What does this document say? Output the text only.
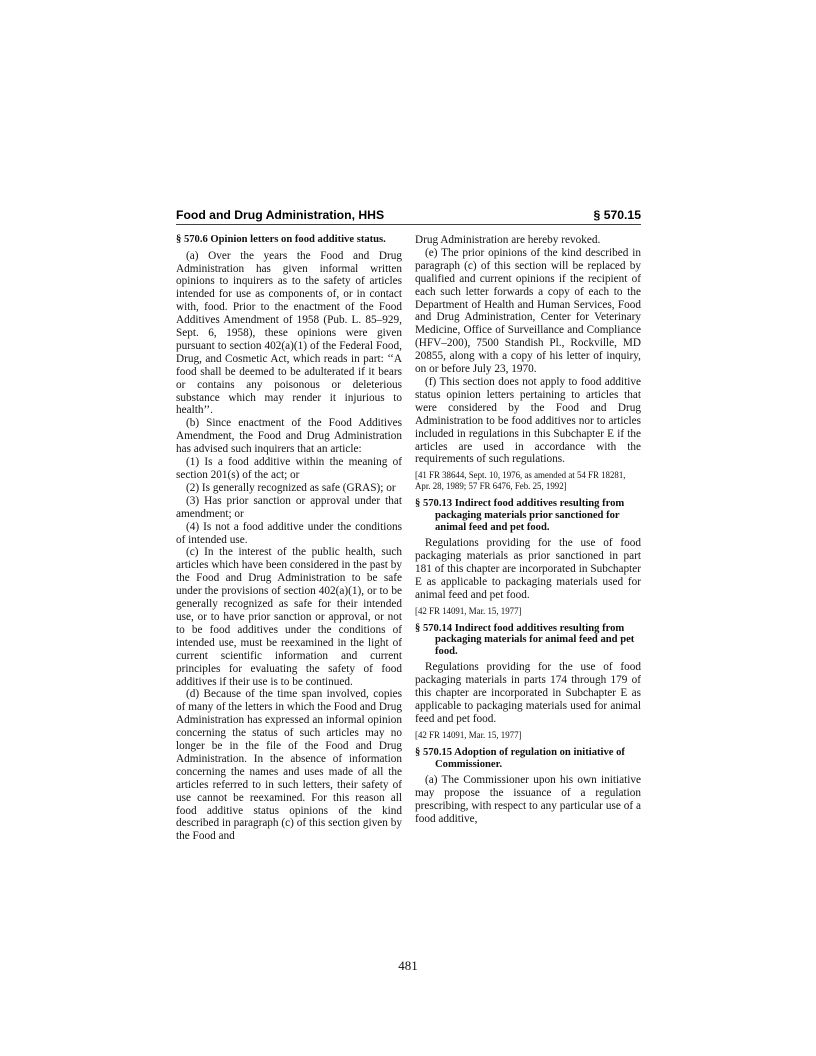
Food and Drug Administration, HHS	§ 570.15
§ 570.6 Opinion letters on food additive status.

(a) Over the years the Food and Drug Administration has given informal written opinions to inquirers as to the safety of articles intended for use as components of, or in contact with, food. Prior to the enactment of the Food Additives Amendment of 1958 (Pub. L. 85–929, Sept. 6, 1958), these opinions were given pursuant to section 402(a)(1) of the Federal Food, Drug, and Cosmetic Act, which reads in part: ‘‘A food shall be deemed to be adulterated if it bears or contains any poisonous or deleterious substance which may render it injurious to health’’.

(b) Since enactment of the Food Additives Amendment, the Food and Drug Administration has advised such inquirers that an article:

(1) Is a food additive within the meaning of section 201(s) of the act; or

(2) Is generally recognized as safe (GRAS); or

(3) Has prior sanction or approval under that amendment; or

(4) Is not a food additive under the conditions of intended use.

(c) In the interest of the public health, such articles which have been considered in the past by the Food and Drug Administration to be safe under the provisions of section 402(a)(1), or to be generally recognized as safe for their intended use, or to have prior sanction or approval, or not to be food additives under the conditions of intended use, must be reexamined in the light of current scientific information and current principles for evaluating the safety of food additives if their use is to be continued.

(d) Because of the time span involved, copies of many of the letters in which the Food and Drug Administration has expressed an informal opinion concerning the status of such articles may no longer be in the file of the Food and Drug Administration. In the absence of information concerning the names and uses made of all the articles referred to in such letters, their safety of use cannot be reexamined. For this reason all food additive status opinions of the kind described in paragraph (c) of this section given by the Food and

Drug Administration are hereby revoked.

(e) The prior opinions of the kind described in paragraph (c) of this section will be replaced by qualified and current opinions if the recipient of each such letter forwards a copy of each to the Department of Health and Human Services, Food and Drug Administration, Center for Veterinary Medicine, Office of Surveillance and Compliance (HFV–200), 7500 Standish Pl., Rockville, MD 20855, along with a copy of his letter of inquiry, on or before July 23, 1970.

(f) This section does not apply to food additive status opinion letters pertaining to articles that were considered by the Food and Drug Administration to be food additives nor to articles included in regulations in this Subchapter E if the articles are used in accordance with the requirements of such regulations.

[41 FR 38644, Sept. 10, 1976, as amended at 54 FR 18281, Apr. 28, 1989; 57 FR 6476, Feb. 25, 1992]
§ 570.13 Indirect food additives resulting from packaging materials prior sanctioned for animal feed and pet food.

Regulations providing for the use of food packaging materials as prior sanctioned in part 181 of this chapter are incorporated in Subchapter E as applicable to packaging materials used for animal feed and pet food.

[42 FR 14091, Mar. 15, 1977]
§ 570.14 Indirect food additives resulting from packaging materials for animal feed and pet food.

Regulations providing for the use of food packaging materials in parts 174 through 179 of this chapter are incorporated in Subchapter E as applicable to packaging materials used for animal feed and pet food.

[42 FR 14091, Mar. 15, 1977]
§ 570.15 Adoption of regulation on initiative of Commissioner.

(a) The Commissioner upon his own initiative may propose the issuance of a regulation prescribing, with respect to any particular use of a food additive,

481
